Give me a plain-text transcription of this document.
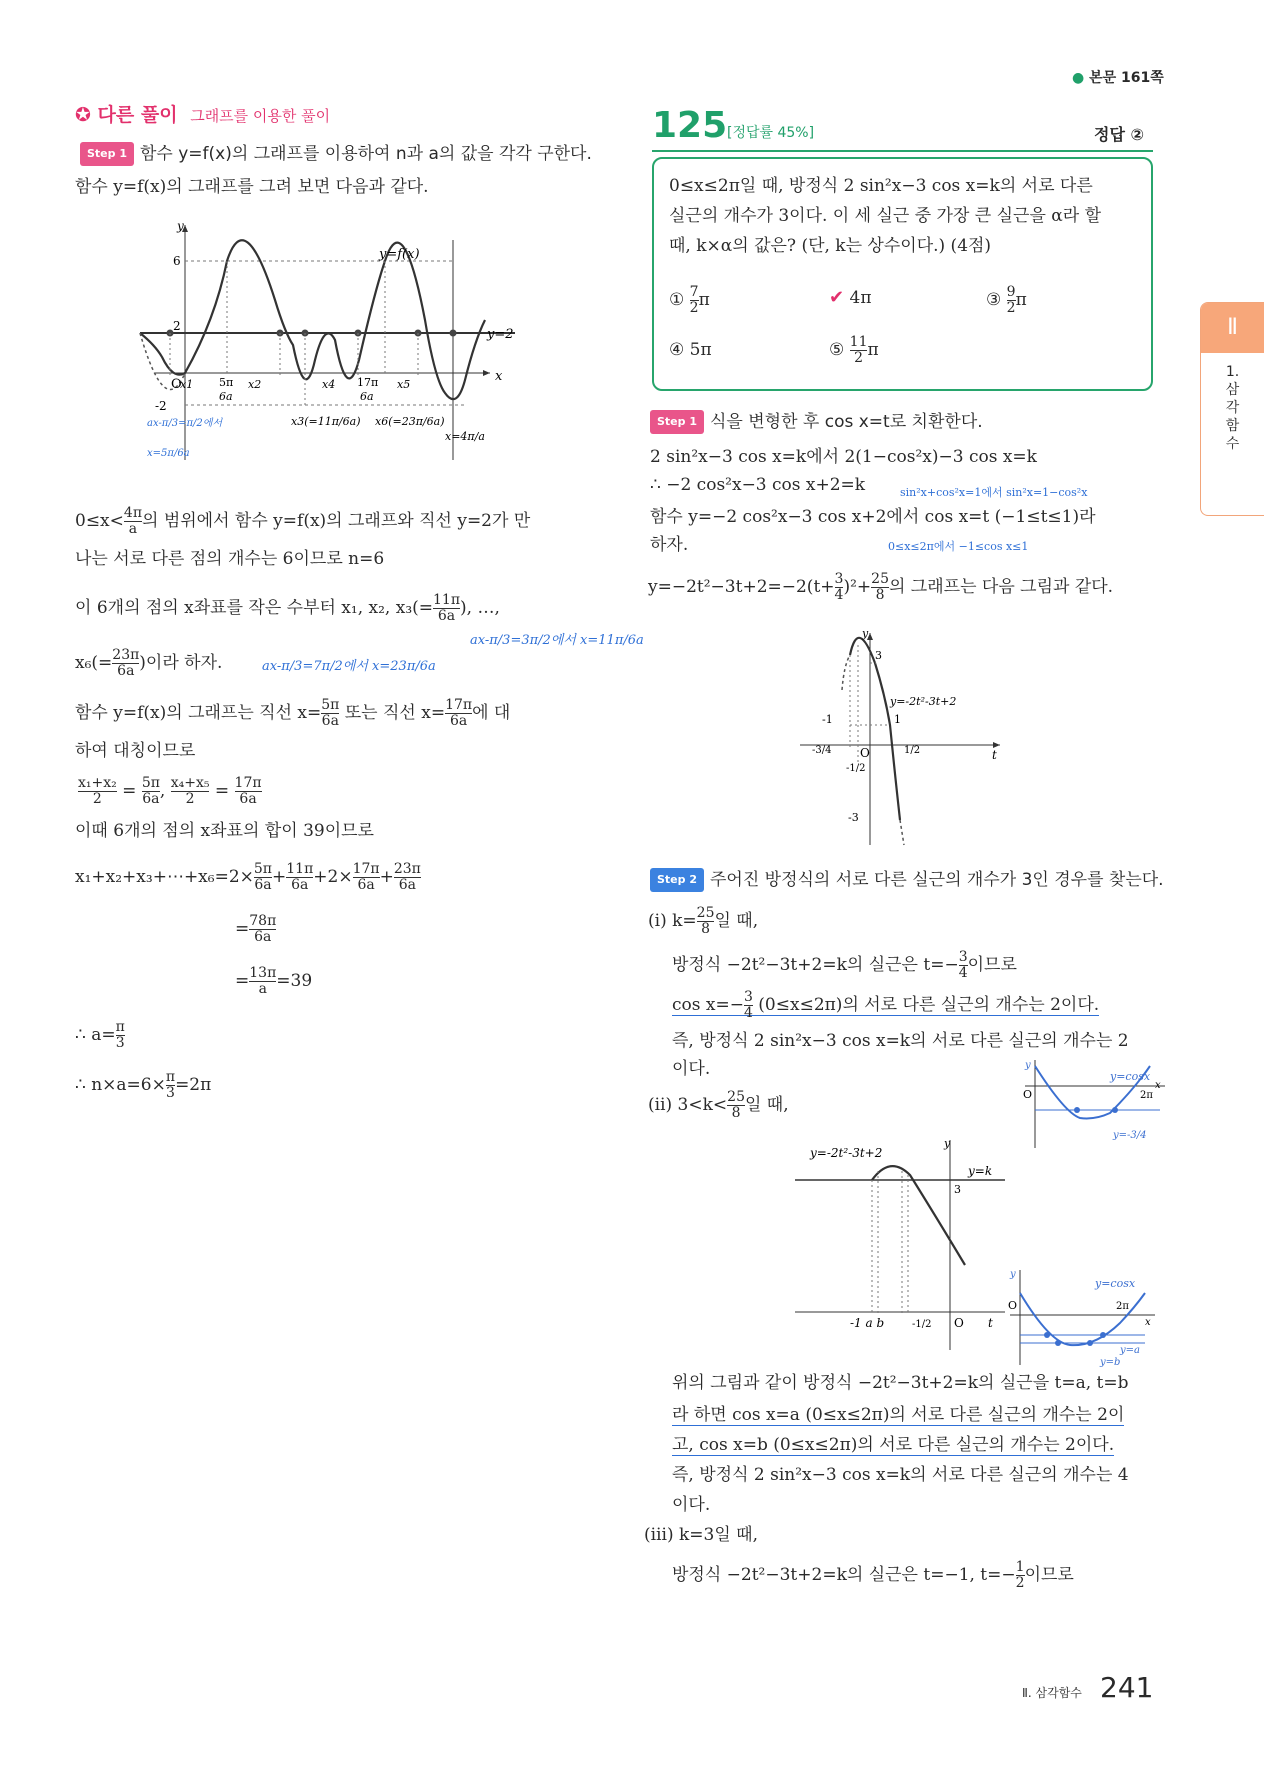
● 본문 161쪽
Ⅱ
1.
삼
각
함
수
✪ 다른 풀이 그래프를 이용한 풀이
Step 1 함수 y=f(x)의 그래프를 이용하여 n과 a의 값을 각각 구한다.
함수 y=f(x)의 그래프를 그려 보면 다음과 같다.
y
x
y=f(x)
y=2
6
2
-2
O
x1 5π
6a
x2	x4 17π
6a
x5
x3(=11π/6a) x6(=23π/6a)
x=4π/a
ax-π/3=π/2에서
x=5π/6a
$0\le x< \frac{4\pi}{a}$ 의 범위에서 함수 y=f(x)의 그래프와 직선 y=2가 만
나는 서로 다른 점의 개수는 6이므로 n=6
이 6개의 점의 x좌표를 작은 수부터 x₁, x₂, $x_3(= \frac{11\pi}{6a}$ ), …,
ax-π/3=3π/2에서 x=11π/6a
$x_6(= \frac{23\pi}{6a}$ )이라 하자.	ax-π/3=7π/2에서 x=23π/6a
함수 y=f(x)의 그래프는 직선 $x= \frac{5\pi}{6a}$ 또는 직선 $x= \frac{17\pi}{6a}$ 에 대
하여 대칭이므로
$\frac{\text{x₁+x₂}}{2} = \frac{5\pi}{6a}$ , $\frac{\text{x₄+x₅}}{2} = \frac{17\pi}{6a}$
이때 6개의 점의 x좌표의 합이 39이므로
x₁+x₂+x₃+⋯+x₆=2× $\frac{5\pi}{6a} + \frac{11\pi}{6a} +2\times \frac{17\pi}{6a} + \frac{23\pi}{6a}$
= $\frac{78\pi}{6a}$
= $\frac{13\pi}{a} =39$
∴ $a= \frac{\pi}{3}$
∴ $n\times a=6\times \frac{\pi}{3} =2\pi$
125 [정답률 45%]	정답 ②
0≤x≤2π일 때, 방정식 2 sin²x−3 cos x=k의 서로 다른
실근의 개수가 3이다. 이 세 실근 중 가장 큰 실근을 α라 할
때, k×α의 값은? (단, k는 상수이다.) (4점)
① $\frac{7}{2}$ π	✔ 4π	③ $\frac{9}{2}$ π
④ 5π	⑤ $\frac{11}{2}$ π
Step 1 식을 변형한 후 cos x=t로 치환한다.
2 sin²x−3 cos x=k에서 2(1−cos²x)−3 cos x=k
∴ −2 cos²x−3 cos x+2=k	sin²x+cos²x=1에서 sin²x=1−cos²x
함수 y=−2 cos²x−3 cos x+2에서 cos x=t (−1≤t≤1)라
하자.	0≤x≤2π에서 −1≤cos x≤1
$y=-2t^2-3t+2=-2(t+ \frac{3}{4} )^2+ \frac{25}{8}$ 의 그래프는 다음 그림과 같다.
y
t
O
3
-3
-1	1
y=-2t²-3t+2
-3/4
-1/2
1/2
Step 2 주어진 방정식의 서로 다른 실근의 개수가 3인 경우를 찾는다.
(ⅰ) $k= \frac{25}{8}$ 일 때,
방정식 −2t²−3t+2=k의 실근은 $t=- \frac{3}{4}$ 이므로
$\cos x=- \frac{3}{4} (0\le x\le 2\pi)$의 서로 다른 실근의 개수는 2이다.
즉, 방정식 2 sin²x−3 cos x=k의 서로 다른 실근의 개수는 2
이다.	y
y=cosx
O	2π
x
y=-3/4
(ⅱ) $3<k< \frac{25}{8}$ 일 때,
y=-2t²-3t+2
y=k
y
3
-1 a b	-1/2 O t
y
y=cosx
O	2π
x
y=a
y=b
위의 그림과 같이 방정식 −2t²−3t+2=k의 실근을 t=a, t=b
라 하면 cos x=a (0≤x≤2π)의 서로 다른 실근의 개수는 2이
고, cos x=b (0≤x≤2π)의 서로 다른 실근의 개수는 2이다.
즉, 방정식 2 sin²x−3 cos x=k의 서로 다른 실근의 개수는 4
이다.
(ⅲ) k=3일 때,
방정식 −2t²−3t+2=k의 실근은 t=−1, $t=- \frac{1}{2}$ 이므로
Ⅱ. 삼각함수 241
